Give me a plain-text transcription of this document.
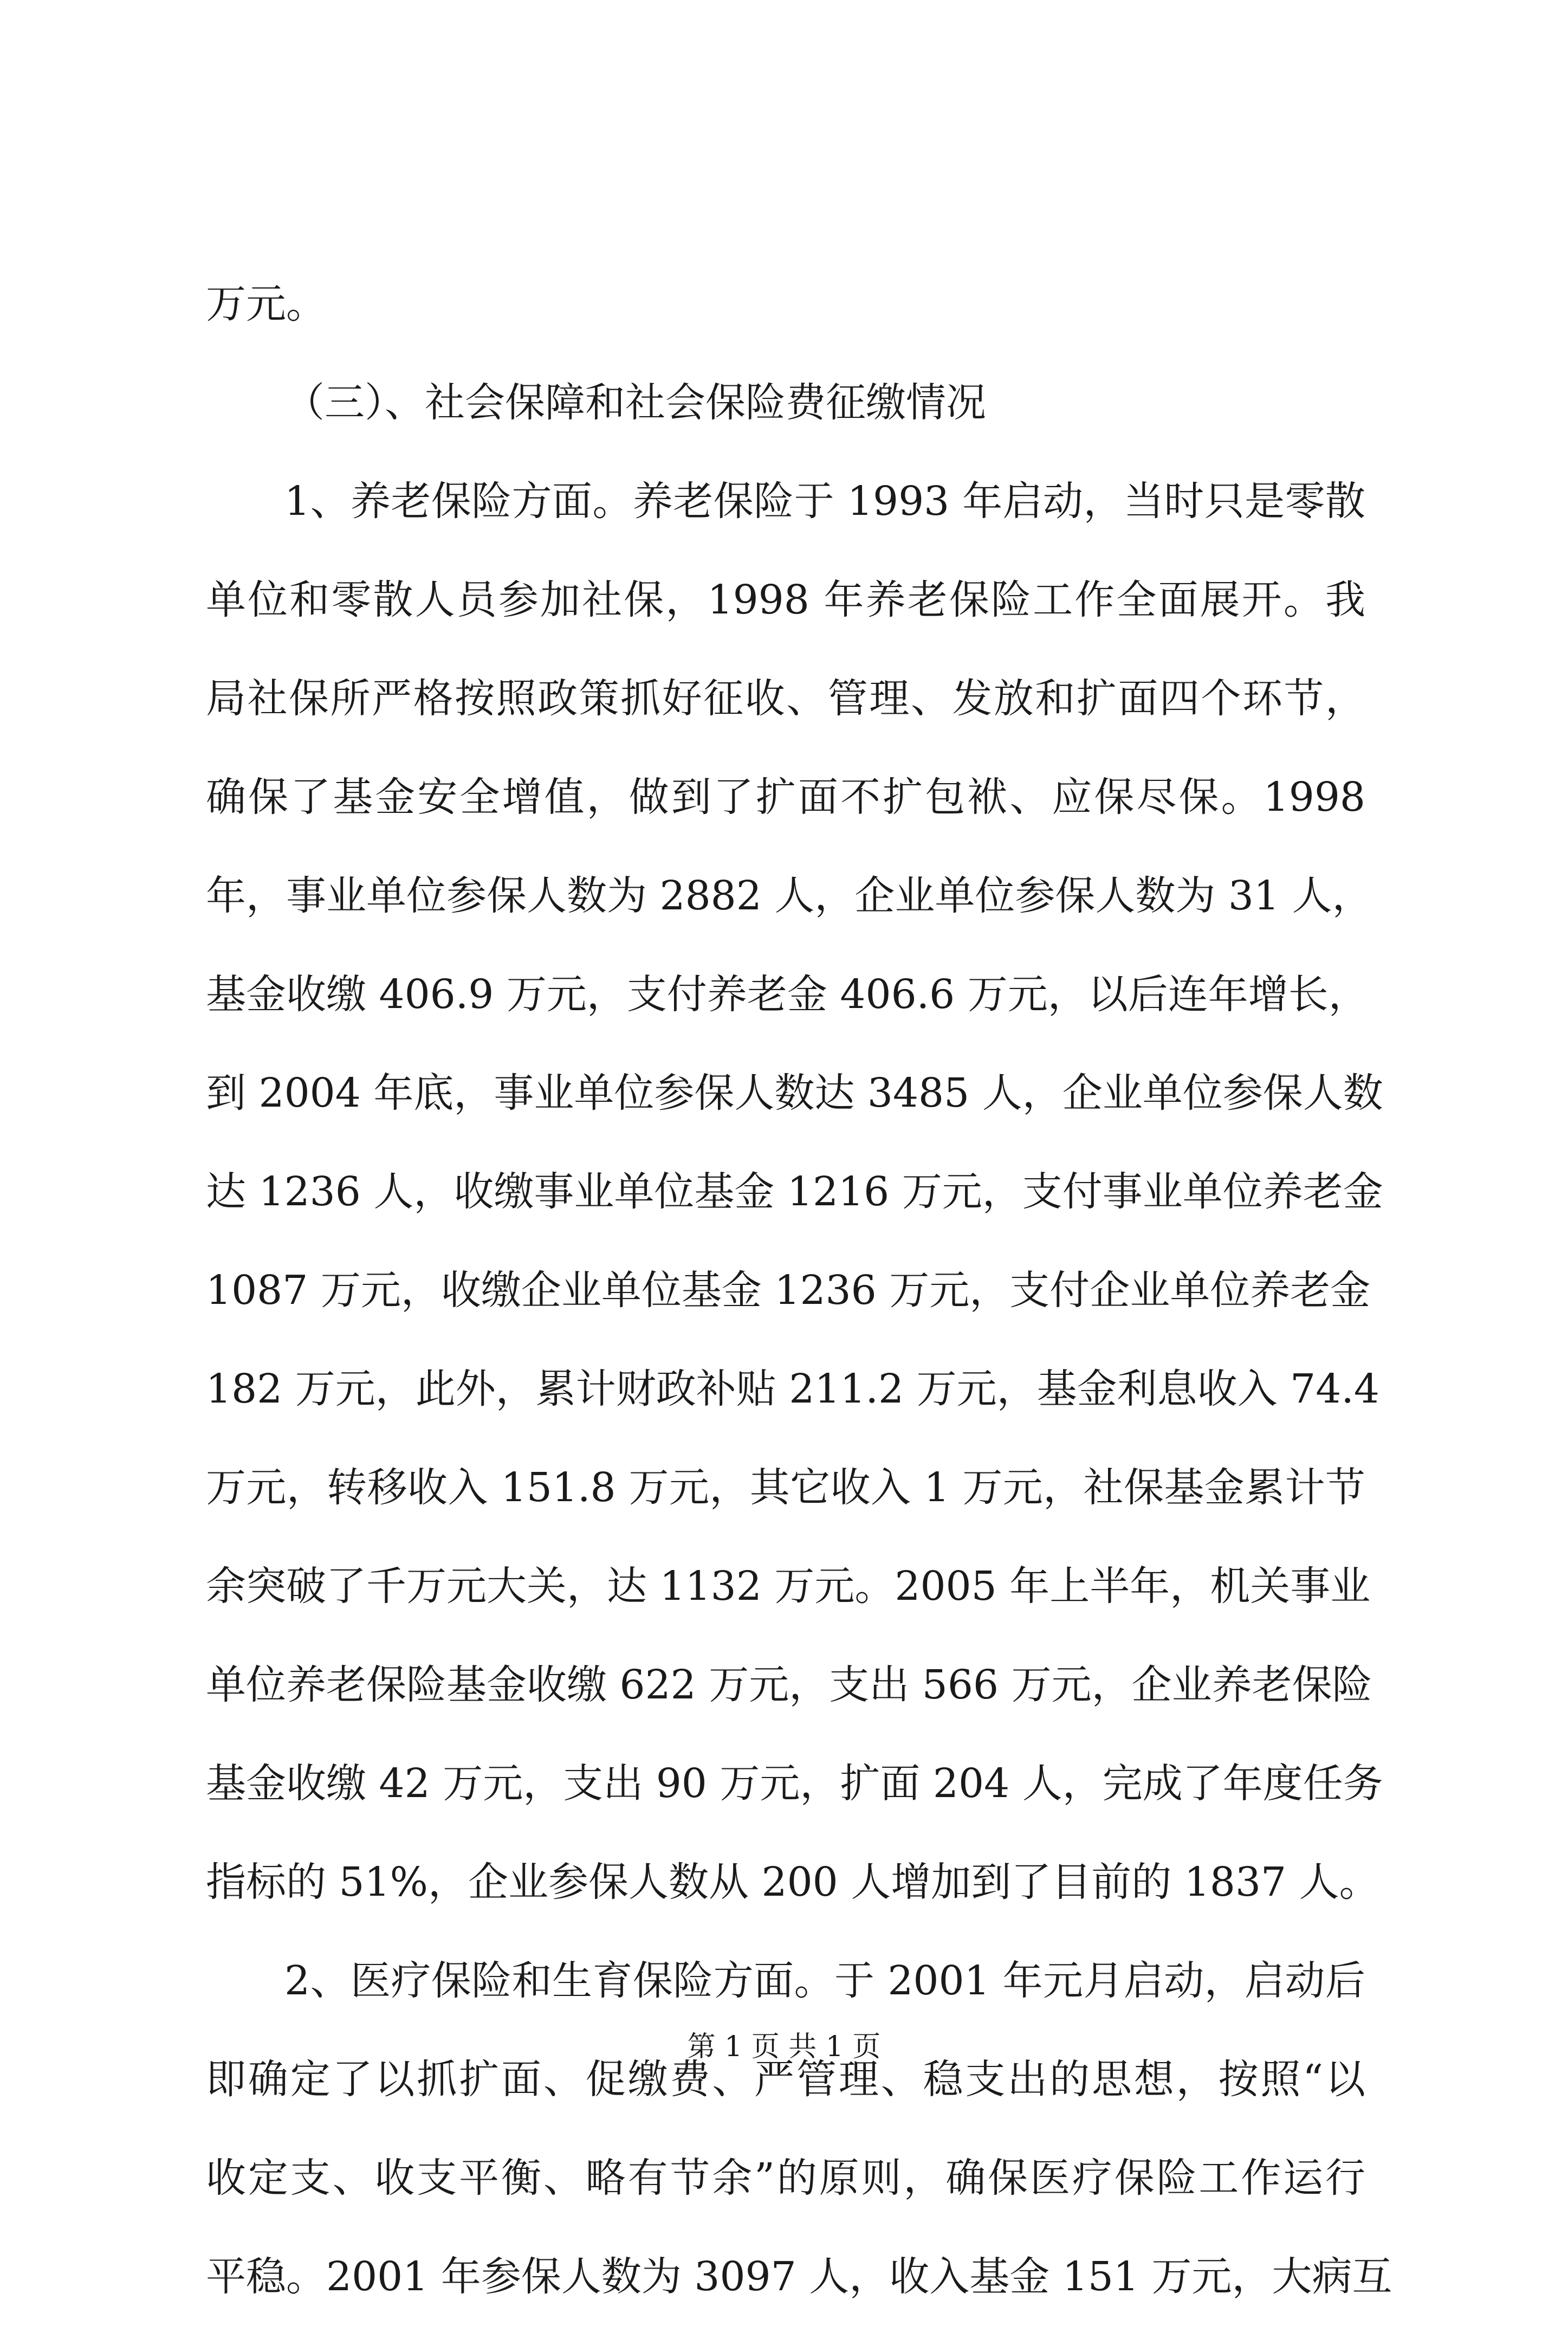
万元。
（三）、社会保障和社会保险费征缴情况
1、养老保险方面。养老保险于 1993 年启动，当时只是零散
单位和零散人员参加社保，1998 年养老保险工作全面展开。我
局社保所严格按照政策抓好征收、管理、发放和扩面四个环节，
确保了基金安全增值，做到了扩面不扩包袱、应保尽保。1998
年，事业单位参保人数为 2882 人，企业单位参保人数为 31 人，
基金收缴 406.9 万元，支付养老金 406.6 万元，以后连年增长，
到 2004 年底，事业单位参保人数达 3485 人，企业单位参保人数
达 1236 人，收缴事业单位基金 1216 万元，支付事业单位养老金
1087 万元，收缴企业单位基金 1236 万元，支付企业单位养老金
182 万元，此外，累计财政补贴 211.2 万元，基金利息收入 74.4
万元，转移收入 151.8 万元，其它收入 1 万元，社保基金累计节
余突破了千万元大关，达 1132 万元。2005 年上半年，机关事业
单位养老保险基金收缴 622 万元，支出 566 万元，企业养老保险
基金收缴 42 万元，支出 90 万元，扩面 204 人，完成了年度任务
指标的 51%，企业参保人数从 200 人增加到了目前的 1837 人。
2、医疗保险和生育保险方面。于 2001 年元月启动，启动后
即确定了以抓扩面、促缴费、严管理、稳支出的思想，按照“以
收定支、收支平衡、略有节余”的原则，确保医疗保险工作运行
平稳。2001 年参保人数为 3097 人，收入基金 151 万元，大病互
第 1 页 共 1 页
